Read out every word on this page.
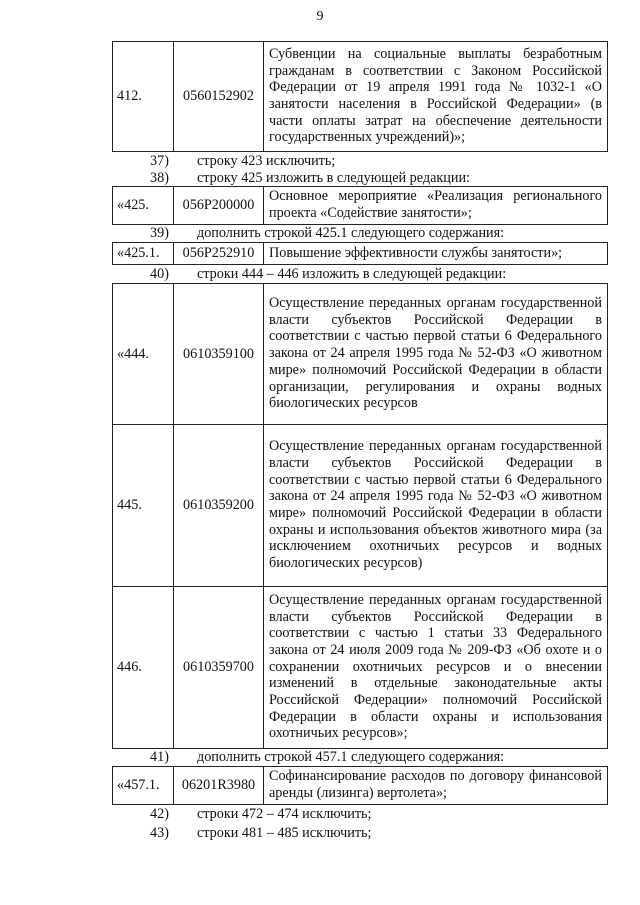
9
412.	0560152902	Субвенции на социальные выплаты безработным гражданам в соответствии с Законом Российской Федерации от 19 апреля 1991 года № 1032-1 «О занятости населения в Российской Федерации» (в части оплаты затрат на обеспечение деятельности государственных учреждений)»;
37) строку 423 исключить;
38) строку 425 изложить в следующей редакции:
«425.	056P200000	Основное мероприятие «Реализация регионального проекта «Содействие занятости»;
39) дополнить строкой 425.1 следующего содержания:
«425.1.	056P252910	Повышение эффективности службы занятости»;
40) строки 444 – 446 изложить в следующей редакции:
«444.	0610359100	Осуществление переданных органам государственной власти субъектов Российской Федерации в соответствии с частью первой статьи 6 Федерального закона от 24 апреля 1995 года № 52-ФЗ «О животном мире» полномочий Российской Федерации в области организации, регулирования и охраны водных биологических ресурсов
445.	0610359200	Осуществление переданных органам государственной власти субъектов Российской Федерации в соответствии с частью первой статьи 6 Федерального закона от 24 апреля 1995 года № 52-ФЗ «О животном мире» полномочий Российской Федерации в области охраны и использования объектов животного мира (за исключением охотничьих ресурсов и водных биологических ресурсов)
446.	0610359700	Осуществление переданных органам государственной власти субъектов Российской Федерации в соответствии с частью 1 статьи 33 Федерального закона от 24 июля 2009 года № 209-ФЗ «Об охоте и о сохранении охотничьих ресурсов и о внесении изменений в отдельные законодательные акты Российской Федерации» полномочий Российской Федерации в области охраны и использования охотничьих ресурсов»;
41) дополнить строкой 457.1 следующего содержания:
«457.1.	06201R3980	Софинансирование расходов по договору финансовой аренды (лизинга) вертолета»;
42) строки 472 – 474 исключить;
43) строки 481 – 485 исключить;
